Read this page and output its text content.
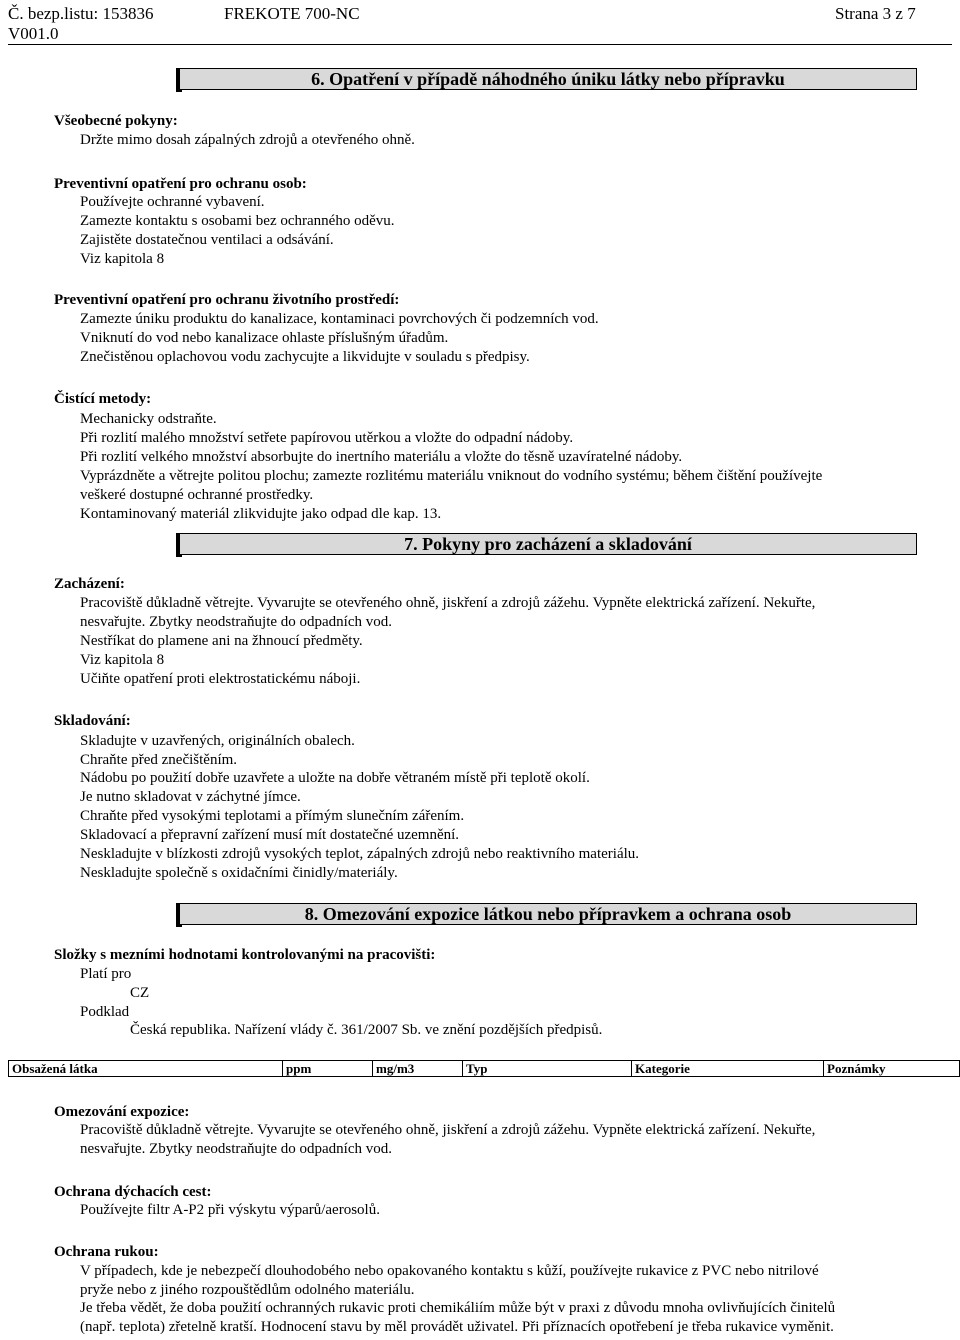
Č. bezp.listu: 153836	FREKOTE 700-NC	Strana 3 z 7
V001.0
6. Opatření v případě náhodného úniku látky nebo přípravku
Všeobecné pokyny:
Držte mimo dosah zápalných zdrojů a otevřeného ohně.
Preventivní opatření pro ochranu osob:
Používejte ochranné vybavení.
Zamezte kontaktu s osobami bez ochranného oděvu.
Zajistěte dostatečnou ventilaci a odsávání.
Viz kapitola 8
Preventivní opatření pro ochranu životního prostředí:
Zamezte úniku produktu do kanalizace, kontaminaci povrchových či podzemních vod.
Vniknutí do vod nebo kanalizace ohlaste příslušným úřadům.
Znečistěnou oplachovou vodu zachycujte a likvidujte v souladu s předpisy.
Čistící metody:
Mechanicky odstraňte.
Při rozlití malého množství setřete papírovou utěrkou a vložte do odpadní nádoby.
Při rozlití velkého množství absorbujte do inertního materiálu a vložte do těsně uzavíratelné nádoby.
Vyprázdněte a větrejte politou plochu; zamezte rozlitému materiálu vniknout do vodního systému; během čištění používejte
veškeré dostupné ochranné prostředky.
Kontaminovaný materiál zlikvidujte jako odpad dle kap. 13.
7. Pokyny pro zacházení a skladování
Zacházení:
Pracoviště důkladně větrejte. Vyvarujte se otevřeného ohně, jiskření a zdrojů zážehu. Vypněte elektrická zařízení. Nekuřte,
nesvařujte. Zbytky neodstraňujte do odpadních vod.
Nestříkat do plamene ani na žhnoucí předměty.
Viz kapitola 8
Učiňte opatření proti elektrostatickému náboji.
Skladování:
Skladujte v uzavřených, originálních obalech.
Chraňte před znečištěním.
Nádobu po použití dobře uzavřete a uložte na dobře větraném místě při teplotě okolí.
Je nutno skladovat v záchytné jímce.
Chraňte před vysokými teplotami a přímým slunečním zářením.
Skladovací a přepravní zařízení musí mít dostatečné uzemnění.
Neskladujte v blízkosti zdrojů vysokých teplot, zápalných zdrojů nebo reaktivního materiálu.
Neskladujte společně s oxidačními činidly/materiály.
8. Omezování expozice látkou nebo přípravkem a ochrana osob
Složky s mezními hodnotami kontrolovanými na pracovišti:
Platí pro
CZ
Podklad
Česká republika. Nařízení vlády č. 361/2007 Sb. ve znění pozdějších předpisů.
Obsažená látka	ppm	mg/m3	Typ	Kategorie	Poznámky
Omezování expozice:
Pracoviště důkladně větrejte. Vyvarujte se otevřeného ohně, jiskření a zdrojů zážehu. Vypněte elektrická zařízení. Nekuřte,
nesvařujte. Zbytky neodstraňujte do odpadních vod.
Ochrana dýchacích cest:
Používejte filtr A-P2 při výskytu výparů/aerosolů.
Ochrana rukou:
V případech, kde je nebezpečí dlouhodobého nebo opakovaného kontaktu s kůží, používejte rukavice z PVC nebo nitrilové
pryže nebo z jiného rozpouštědlům odolného materiálu.
Je třeba vědět, že doba použití ochranných rukavic proti chemikáliím může být v praxi z důvodu mnoha ovlivňujících činitelů
(např. teplota) zřetelně kratší. Hodnocení stavu by měl provádět uživatel. Při příznacích opotřebení je třeba rukavice vyměnit.
